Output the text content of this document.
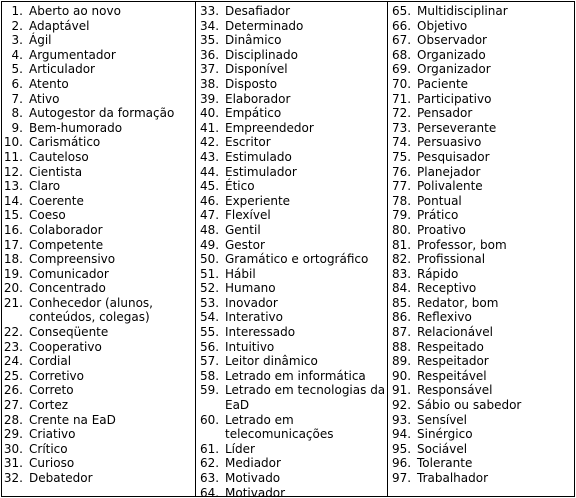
1. Aberto ao novo
2. Adaptável
3. Ágil
4. Argumentador
5. Articulador
6. Atento
7. Ativo
8. Autogestor da formação
9. Bem-humorado
10. Carismático
11. Cauteloso
12. Cientista
13. Claro
14. Coerente
15. Coeso
16. Colaborador
17. Competente
18. Compreensivo
19. Comunicador
20. Concentrado
21. Conhecedor (alunos, conteúdos, colegas)
22. Conseqüente
23. Cooperativo
24. Cordial
25. Corretivo
26. Correto
27. Cortez
28. Crente na EaD
29. Criativo
30. Crítico
31. Curioso
32. Debatedor
33. Desafiador
34. Determinado
35. Dinâmico
36. Disciplinado
37. Disponível
38. Disposto
39. Elaborador
40. Empático
41. Empreendedor
42. Escritor
43. Estimulado
44. Estimulador
45. Ético
46. Experiente
47. Flexível
48. Gentil
49. Gestor
50. Gramático e ortográfico
51. Hábil
52. Humano
53. Inovador
54. Interativo
55. Interessado
56. Intuitivo
57. Leitor dinâmico
58. Letrado em informática
59. Letrado em tecnologias da EaD
60. Letrado em telecomunicações
61. Líder
62. Mediador
63. Motivado
64. Motivador
65. Multidisciplinar
66. Objetivo
67. Observador
68. Organizado
69. Organizador
70. Paciente
71. Participativo
72. Pensador
73. Perseverante
74. Persuasivo
75. Pesquisador
76. Planejador
77. Polivalente
78. Pontual
79. Prático
80. Proativo
81. Professor, bom
82. Profissional
83. Rápido
84. Receptivo
85. Redator, bom
86. Reflexivo
87. Relacionável
88. Respeitado
89. Respeitador
90. Respeitável
91. Responsável
92. Sábio ou sabedor
93. Sensível
94. Sinérgico
95. Sociável
96. Tolerante
97. Trabalhador
